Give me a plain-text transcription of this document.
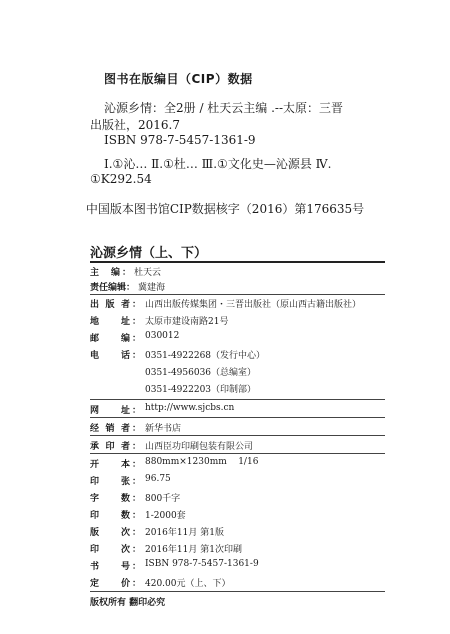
图书在版编目（CIP）数据
沁源乡情：全2册 / 杜天云主编 .--太原：三晋
出版社，2016.7
ISBN 978-7-5457-1361-9
Ⅰ.①沁… Ⅱ.①杜… Ⅲ.①文化史—沁源县 Ⅳ.
①K292.54
中国版本图书馆CIP数据核字（2016）第176635号
沁源乡情（上、下）
主 编 ： 杜天云
责任编辑 ： 冀建海
出 版 者 ： 山西出版传媒集团・三晋出版社（原山西古籍出版社）
地 址 ： 太原市建设南路21号
邮 编 ： 030012
电 话 ： 0351-4922268（发行中心）
0351-4956036（总编室）
0351-4922203（印制部）
网 址 ： http://www.sjcbs.cn
经 销 者 ： 新华书店
承 印 者 ： 山西臣功印刷包装有限公司
开 本 ： 880mm×1230mm    1/16
印 张 ： 96.75
字 数 ： 800千字
印 数 ： 1-2000套
版 次 ： 2016年11月 第1版
印 次 ： 2016年11月 第1次印刷
书 号 ： ISBN 978-7-5457-1361-9
定 价 ： 420.00元（上、下）
版权所有 翻印必究
